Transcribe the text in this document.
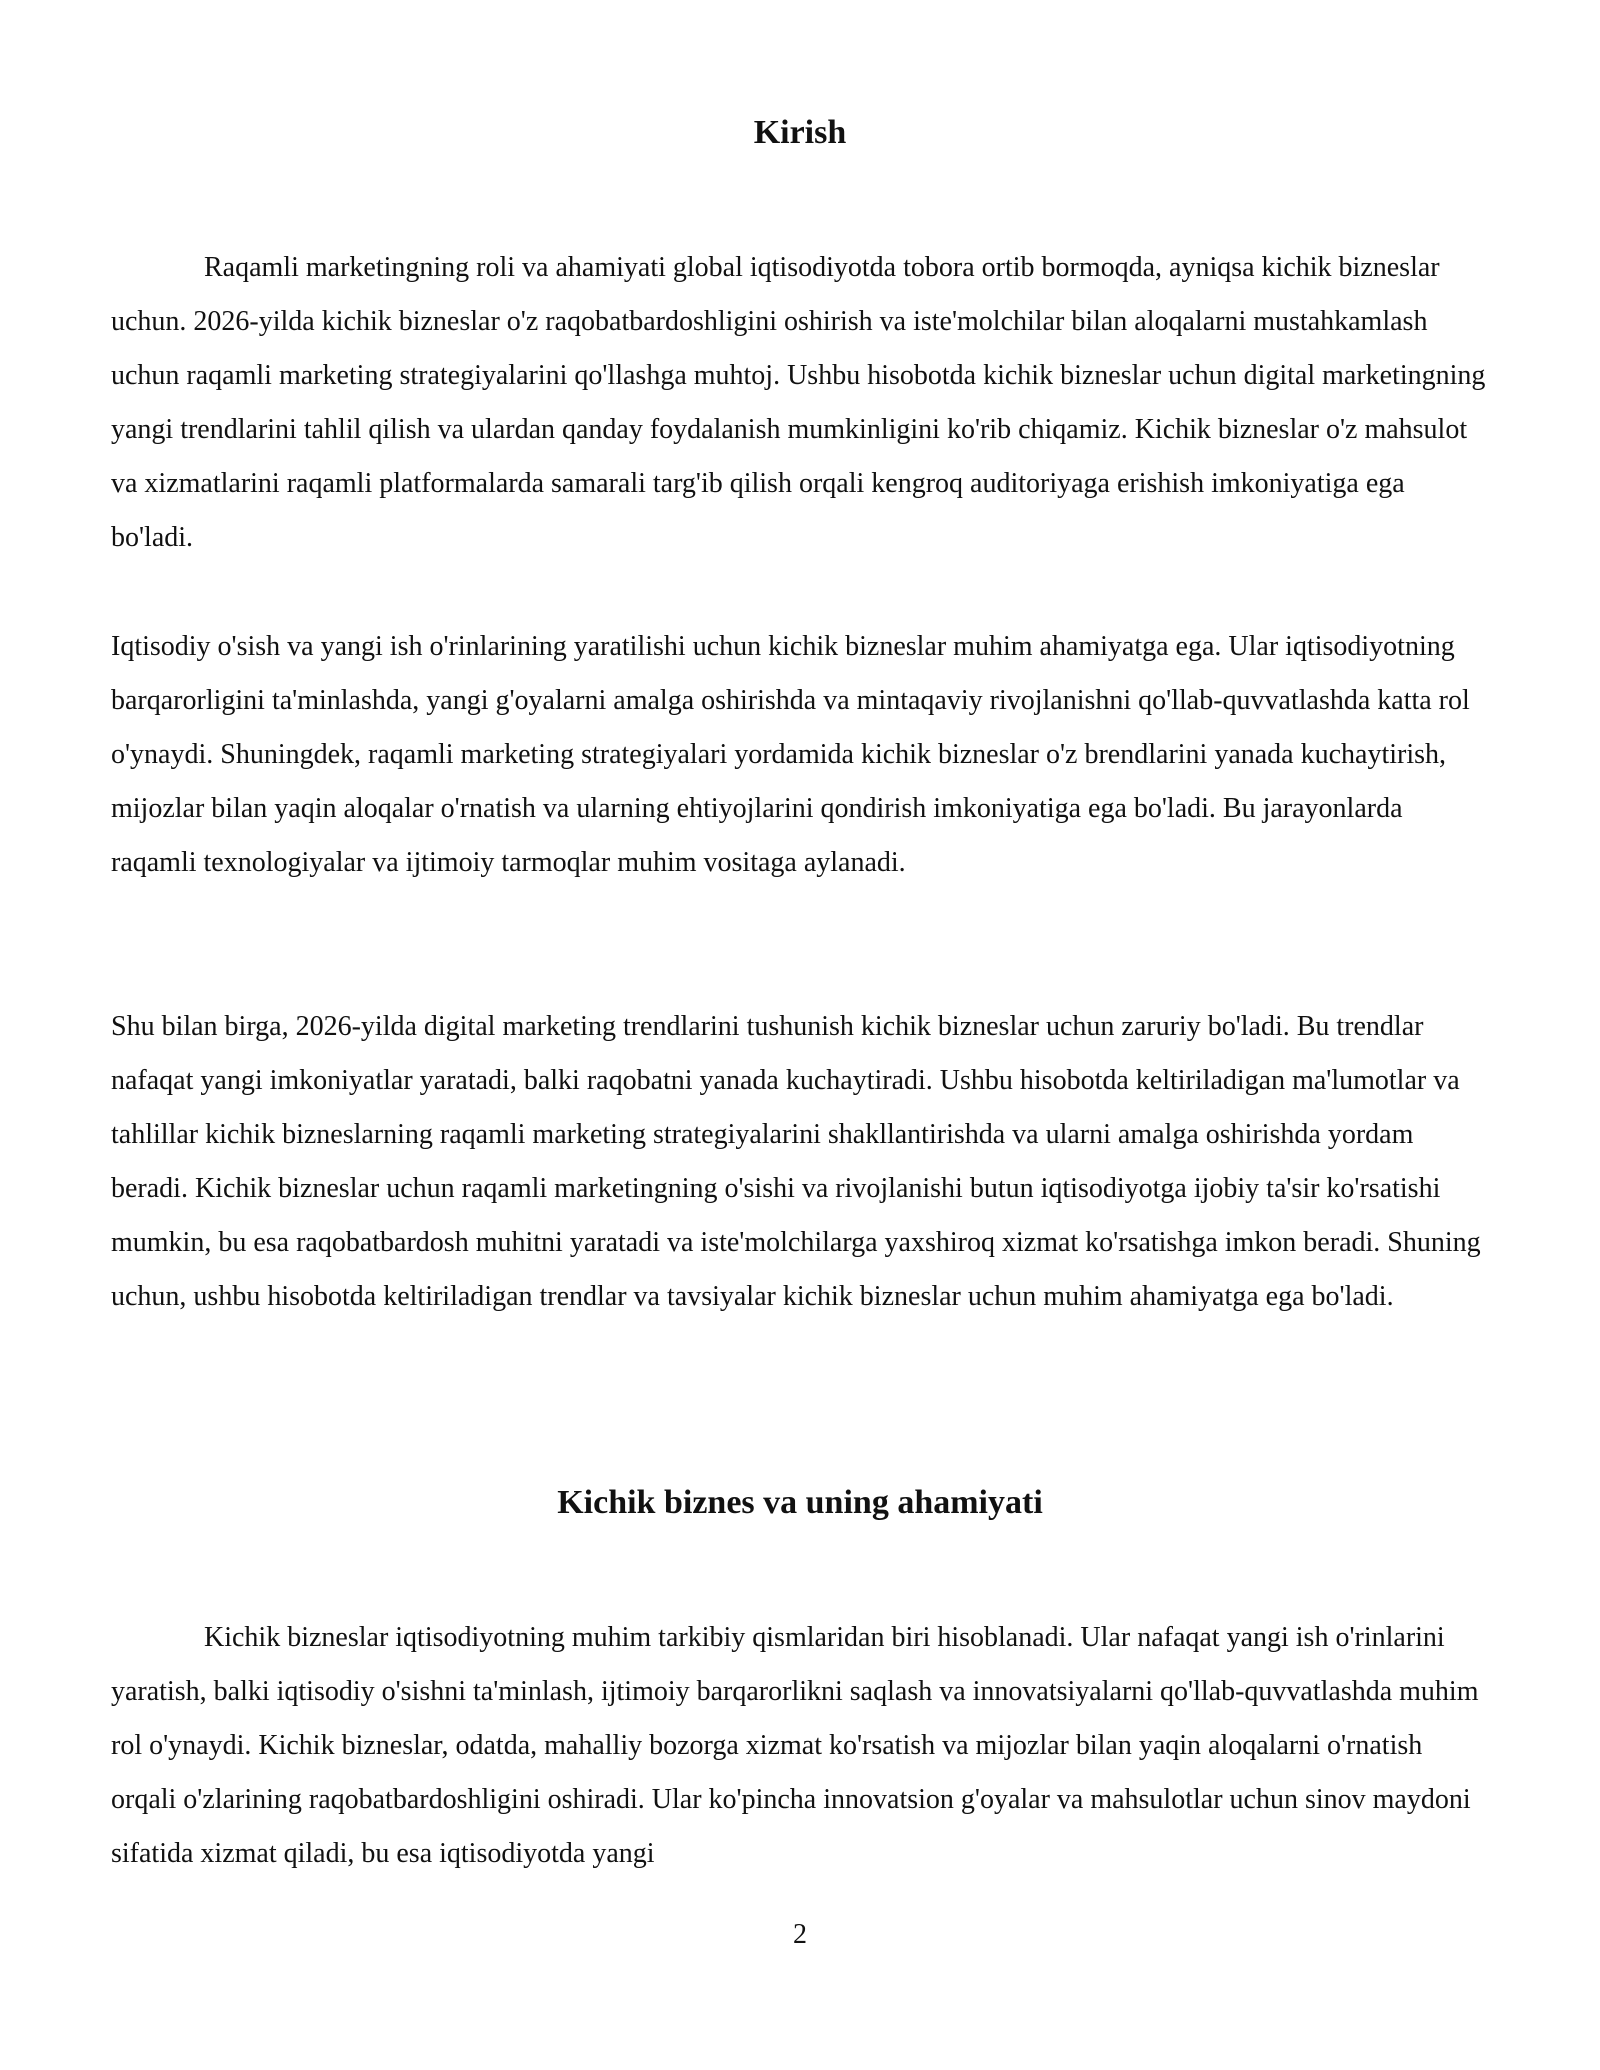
Kirish

Raqamli marketingning roli va ahamiyati global iqtisodiyotda tobora ortib bormoqda, ayniqsa kichik bizneslar uchun. 2026-yilda kichik bizneslar o'z raqobatbardoshligini oshirish va iste'molchilar bilan aloqalarni mustahkamlash uchun raqamli marketing strategiyalarini qo'llashga muhtoj. Ushbu hisobotda kichik bizneslar uchun digital marketingning yangi trendlarini tahlil qilish va ulardan qanday foydalanish mumkinligini ko'rib chiqamiz. Kichik bizneslar o'z mahsulot va xizmatlarini raqamli platformalarda samarali targ'ib qilish orqali kengroq auditoriyaga erishish imkoniyatiga ega bo'ladi.

Iqtisodiy o'sish va yangi ish o'rinlarining yaratilishi uchun kichik bizneslar muhim ahamiyatga ega. Ular iqtisodiyotning barqarorligini ta'minlashda, yangi g'oyalarni amalga oshirishda va mintaqaviy rivojlanishni qo'llab-quvvatlashda katta rol o'ynaydi. Shuningdek, raqamli marketing strategiyalari yordamida kichik bizneslar o'z brendlarini yanada kuchaytirish, mijozlar bilan yaqin aloqalar o'rnatish va ularning ehtiyojlarini qondirish imkoniyatiga ega bo'ladi. Bu jarayonlarda raqamli texnologiyalar va ijtimoiy tarmoqlar muhim vositaga aylanadi.

Shu bilan birga, 2026-yilda digital marketing trendlarini tushunish kichik bizneslar uchun zaruriy bo'ladi. Bu trendlar nafaqat yangi imkoniyatlar yaratadi, balki raqobatni yanada kuchaytiradi. Ushbu hisobotda keltiriladigan ma'lumotlar va tahlillar kichik bizneslarning raqamli marketing strategiyalarini shakllantirishda va ularni amalga oshirishda yordam beradi. Kichik bizneslar uchun raqamli marketingning o'sishi va rivojlanishi butun iqtisodiyotga ijobiy ta'sir ko'rsatishi mumkin, bu esa raqobatbardosh muhitni yaratadi va iste'molchilarga yaxshiroq xizmat ko'rsatishga imkon beradi. Shuning uchun, ushbu hisobotda keltiriladigan trendlar va tavsiyalar kichik bizneslar uchun muhim ahamiyatga ega bo'ladi.

Kichik biznes va uning ahamiyati

Kichik bizneslar iqtisodiyotning muhim tarkibiy qismlaridan biri hisoblanadi. Ular nafaqat yangi ish o'rinlarini yaratish, balki iqtisodiy o'sishni ta'minlash, ijtimoiy barqarorlikni saqlash va innovatsiyalarni qo'llab-quvvatlashda muhim rol o'ynaydi. Kichik bizneslar, odatda, mahalliy bozorga xizmat ko'rsatish va mijozlar bilan yaqin aloqalarni o'rnatish orqali o'zlarining raqobatbardoshligini oshiradi. Ular ko'pincha innovatsion g'oyalar va mahsulotlar uchun sinov maydoni sifatida xizmat qiladi, bu esa iqtisodiyotda yangi

2
